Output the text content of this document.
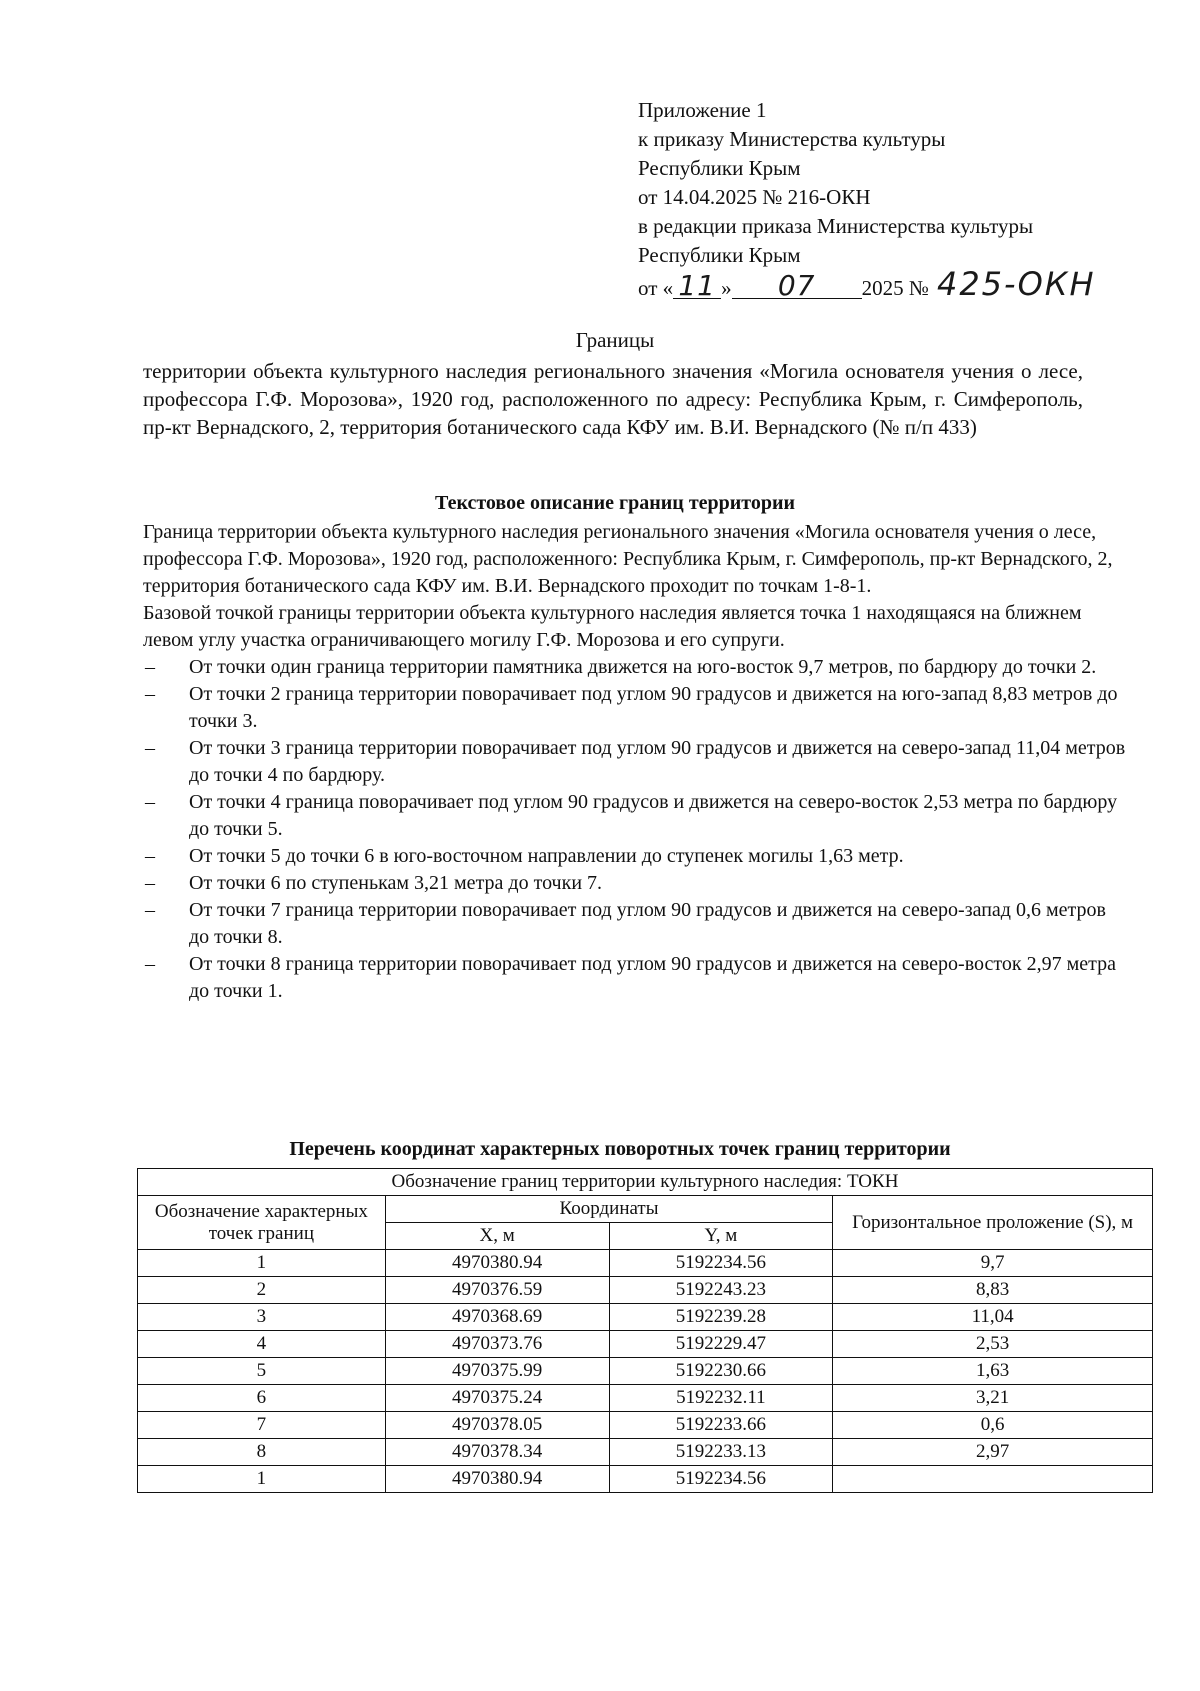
Приложение 1
к приказу Министерства культуры
Республики Крым
от 14.04.2025 № 216-ОКН
в редакции приказа Министерства культуры
Республики Крым
от « 11 » 07 2025 № 425-ОКН
Границы
территории объекта культурного наследия регионального значения «Могила основателя учения о лесе, профессора Г.Ф. Морозова», 1920 год, расположенного по адресу: Республика Крым, г. Симферополь, пр-кт Вернадского, 2, территория ботанического сада КФУ им. В.И. Вернадского (№ п/п 433)
Текстовое описание границ территории

Граница территории объекта культурного наследия регионального значения «Могила основателя учения о лесе, профессора Г.Ф. Морозова», 1920 год, расположенного: Республика Крым, г. Симферополь, пр-кт Вернадского, 2, территория ботанического сада КФУ им. В.И. Вернадского проходит по точкам 1-8-1.

Базовой точкой границы территории объекта культурного наследия является точка 1 находящаяся на ближнем левом углу участка ограничивающего могилу Г.Ф. Морозова и его супруги.

– От точки один граница территории памятника движется на юго-восток 9,7 метров, по бардюру до точки 2.
– От точки 2 граница территории поворачивает под углом 90 градусов и движется на юго-запад 8,83 метров до точки 3.
– От точки 3 граница территории поворачивает под углом 90 градусов и движется на северо-запад 11,04 метров до точки 4 по бардюру.
– От точки 4 граница поворачивает под углом 90 градусов и движется на северо-восток 2,53 метра по бардюру до точки 5.
– От точки 5 до точки 6 в юго-восточном направлении до ступенек могилы 1,63 метр.
– От точки 6 по ступенькам 3,21 метра до точки 7.
– От точки 7 граница территории поворачивает под углом 90 градусов и движется на северо-запад 0,6 метров до точки 8.
– От точки 8 граница территории поворачивает под углом 90 градусов и движется на северо-восток 2,97 метра до точки 1.
Перечень координат характерных поворотных точек границ территории
Обозначение границ территории культурного наследия: ТОКН			
Обозначение характерных точек границ	Координаты		Горизонтальное проложение (S), м
	X, м	Y, м	
1	4970380.94	5192234.56	9,7
2	4970376.59	5192243.23	8,83
3	4970368.69	5192239.28	11,04
4	4970373.76	5192229.47	2,53
5	4970375.99	5192230.66	1,63
6	4970375.24	5192232.11	3,21
7	4970378.05	5192233.66	0,6
8	4970378.34	5192233.13	2,97
1	4970380.94	5192234.56	
